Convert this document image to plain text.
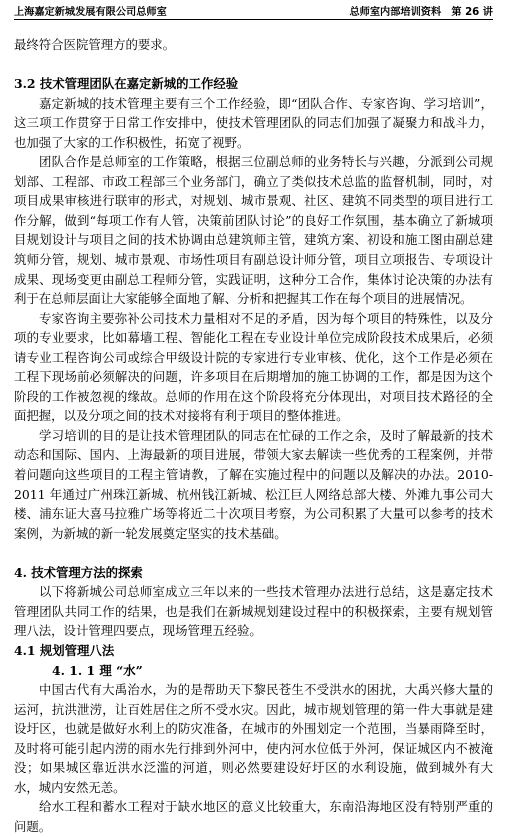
上海嘉定新城发展有限公司总师室	总师室内部培训资料　第 26 讲

最终符合医院管理方的要求。

3.2 技术管理团队在嘉定新城的工作经验

嘉定新城的技术管理主要有三个工作经验，即“团队合作、专家咨询、学习培训”，这三项工作贯穿于日常工作安排中，使技术管理团队的同志们加强了凝聚力和战斗力，也加强了大家的工作积极性，拓宽了视野。

团队合作是总师室的工作策略，根据三位副总师的业务特长与兴趣，分派到公司规划部、工程部、市政工程部三个业务部门，确立了类似技术总监的监督机制，同时，对项目成果审核进行联审的形式，对规划、城市景观、社区、建筑不同类型的项目进行工作分解，做到“每项工作有人管，决策前团队讨论”的良好工作氛围，基本确立了新城项目规划设计与项目之间的技术协调由总建筑师主管，建筑方案、初设和施工图由副总建筑师分管，规划、城市景观、市场性项目有副总设计师分管，项目立项报告、专项设计成果、现场变更由副总工程师分管，实践证明，这种分工合作，集体讨论决策的办法有利于在总师层面让大家能够全面地了解、分析和把握其工作在每个项目的进展情况。

专家咨询主要弥补公司技术力量相对不足的矛盾，因为每个项目的特殊性，以及分项的专业要求，比如幕墙工程、智能化工程在专业设计单位完成阶段技术成果后，必须请专业工程咨询公司或综合甲级设计院的专家进行专业审核、优化，这个工作是必须在工程下现场前必须解决的问题，许多项目在后期增加的施工协调的工作，都是因为这个阶段的工作被忽视的缘故。总师的作用在这个阶段将充分体现出，对项目技术路径的全面把握，以及分项之间的技术对接将有利于项目的整体推进。

学习培训的目的是让技术管理团队的同志在忙碌的工作之余，及时了解最新的技术动态和国际、国内、上海最新的项目进展，带领大家去解读一些优秀的工程案例，并带着问题向这些项目的工程主管请教，了解在实施过程中的问题以及解决的办法。2010-2011 年通过广州珠江新城、杭州钱江新城、松江巨人网络总部大楼、外滩九事公司大楼、浦东证大喜马拉雅广场等将近二十次项目考察，为公司积累了大量可以参考的技术案例，为新城的新一轮发展奠定坚实的技术基础。

4. 技术管理方法的探索

以下将新城公司总师室成立三年以来的一些技术管理办法进行总结，这是嘉定技术管理团队共同工作的结果，也是我们在新城规划建设过程中的积极探索，主要有规划管理八法，设计管理四要点，现场管理五经验。

4.1 规划管理八法
4. 1. 1 理 “水”

中国古代有大禹治水，为的是帮助天下黎民苍生不受洪水的困扰，大禹兴修大量的运河，抗洪泄涝，让百姓居住之所不受水灾。因此，城市规划管理的第一件大事就是建设圩区，也就是做好水利上的防灾准备，在城市的外围划定一个范围，当暴雨降至时，及时将可能引起内涝的雨水先行排到外河中，使内河水位低于外河，保证城区内不被淹没；如果城区靠近洪水泛滥的河道，则必然要建设好圩区的水利设施，做到城外有大水，城内安然无恙。

给水工程和蓄水工程对于缺水地区的意义比较重大，东南沿海地区没有特别严重的问题。
